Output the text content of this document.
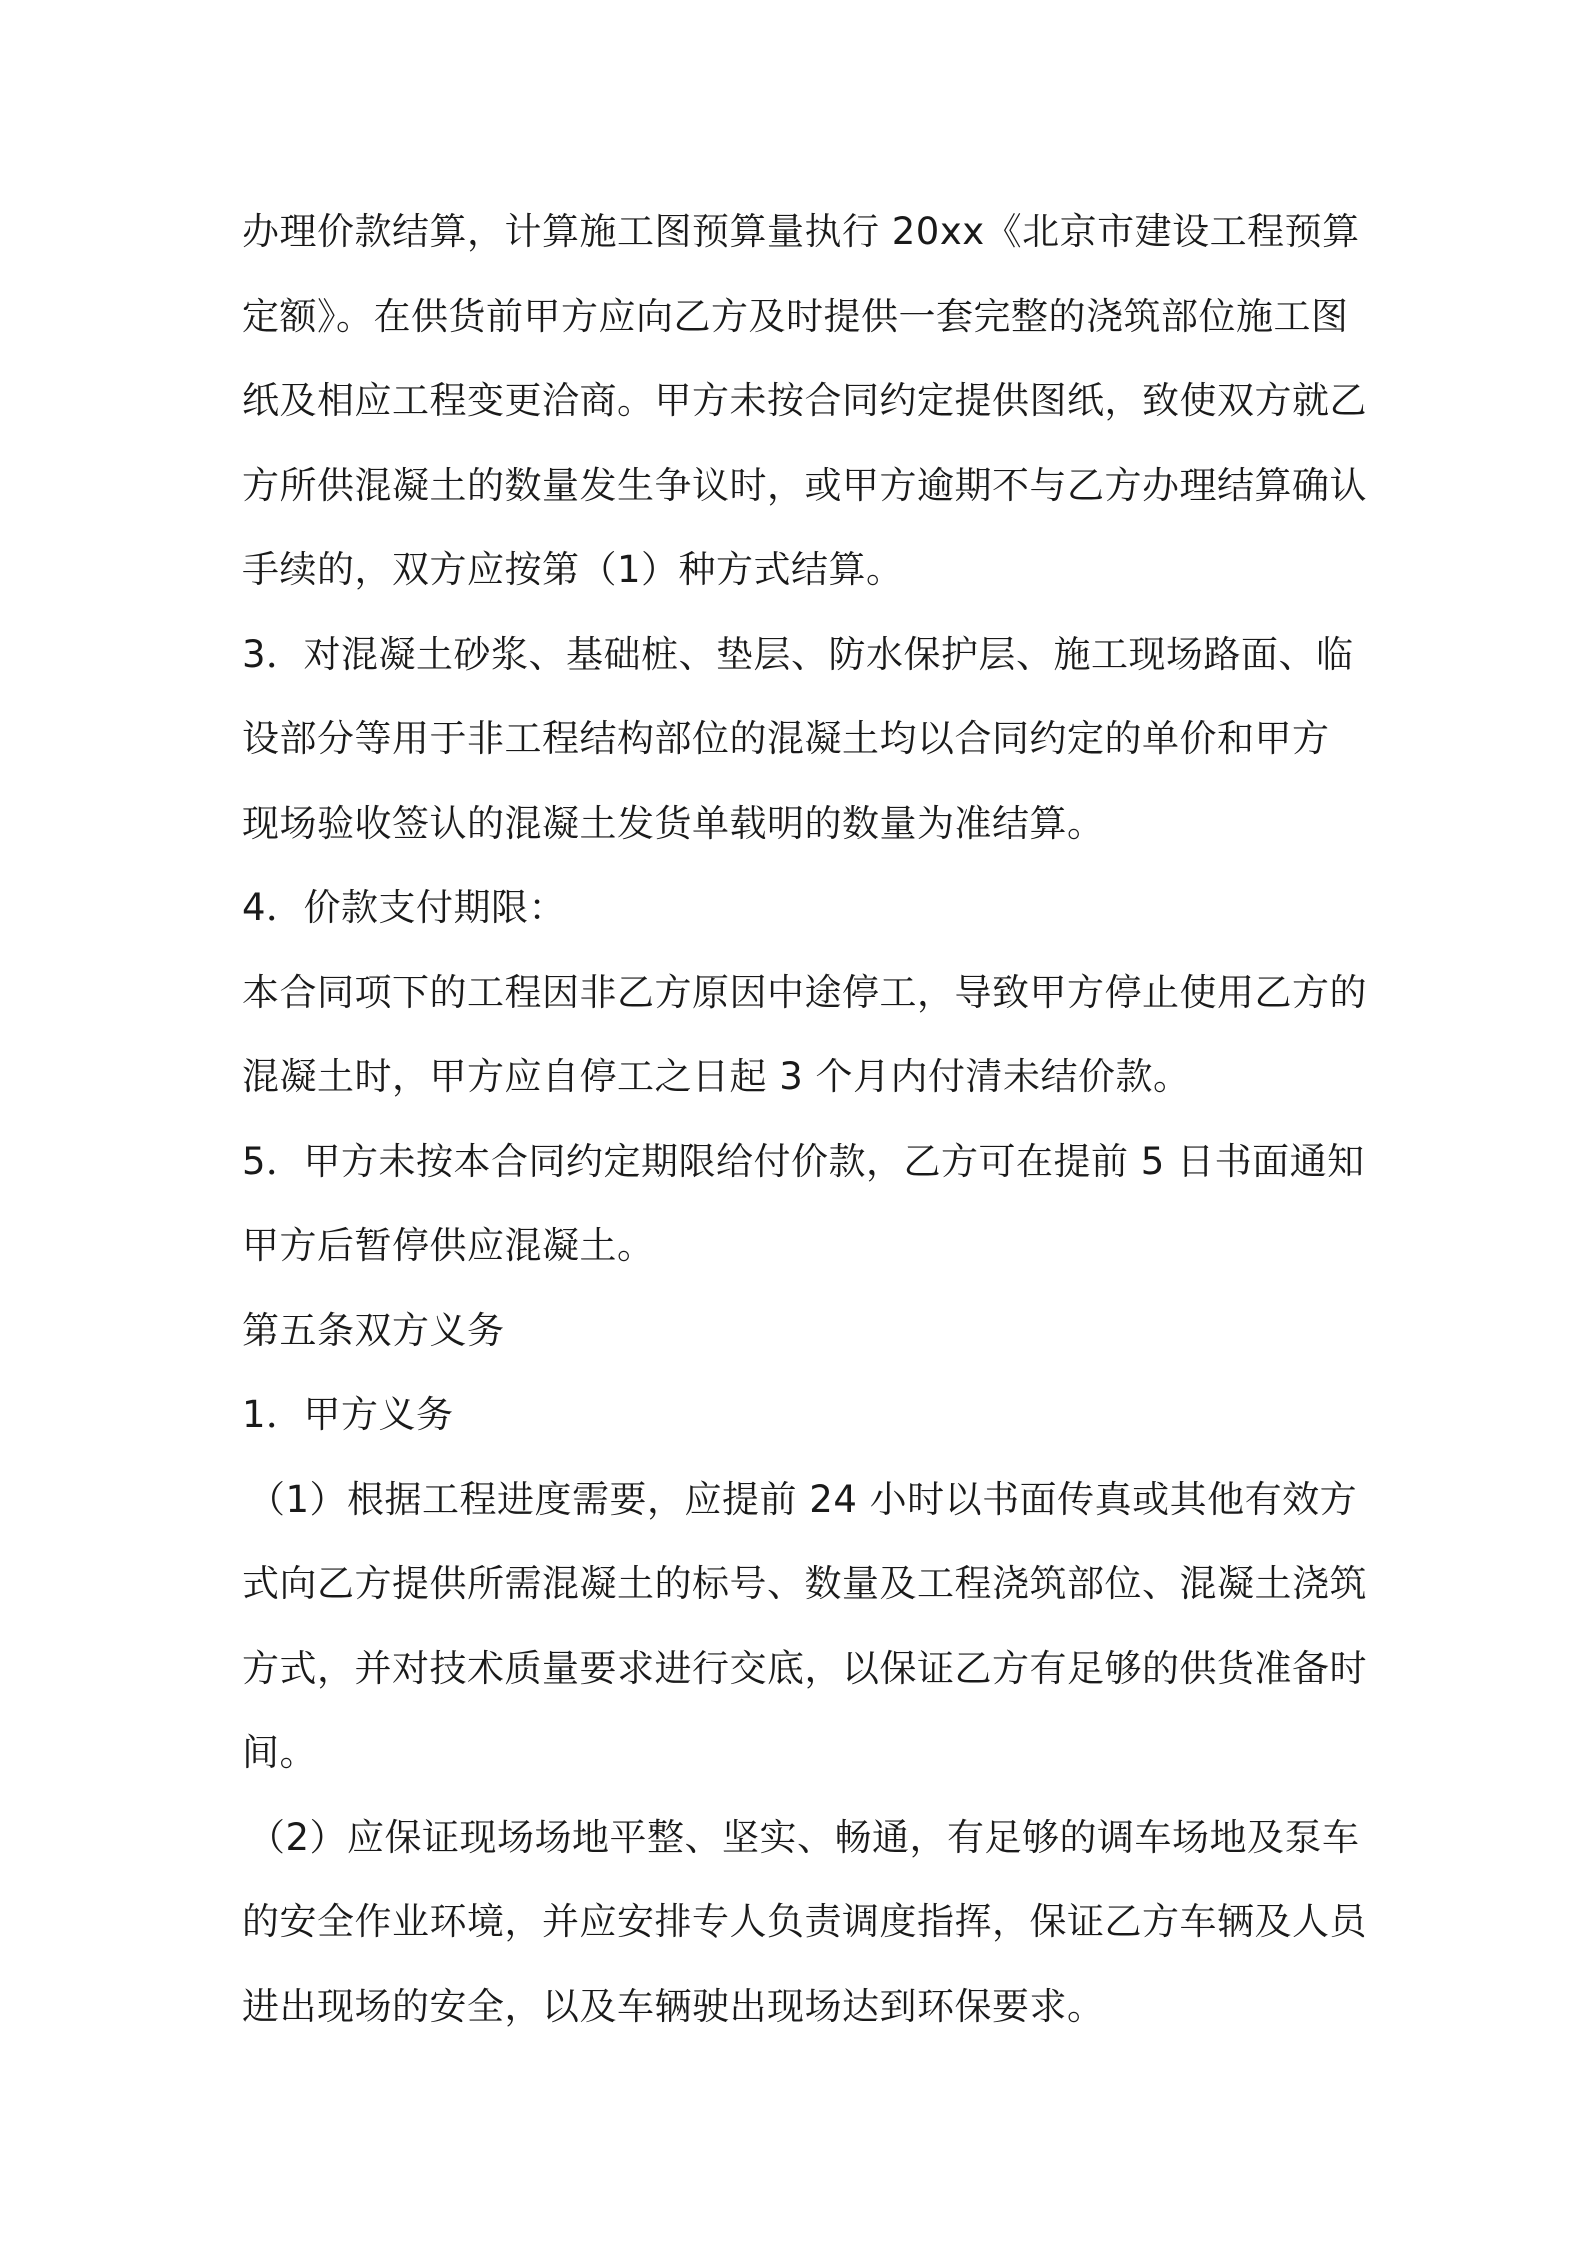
办理价款结算，计算施工图预算量执行 20xx《北京市建设工程预算
定额》。在供货前甲方应向乙方及时提供一套完整的浇筑部位施工图
纸及相应工程变更洽商。甲方未按合同约定提供图纸，致使双方就乙
方所供混凝土的数量发生争议时，或甲方逾期不与乙方办理结算确认
手续的，双方应按第（1）种方式结算。
3．对混凝土砂浆、基础桩、垫层、防水保护层、施工现场路面、临
设部分等用于非工程结构部位的混凝土均以合同约定的单价和甲方
现场验收签认的混凝土发货单载明的数量为准结算。
4．价款支付期限：
本合同项下的工程因非乙方原因中途停工，导致甲方停止使用乙方的
混凝土时，甲方应自停工之日起 3 个月内付清未结价款。
5．甲方未按本合同约定期限给付价款，乙方可在提前 5 日书面通知
甲方后暂停供应混凝土。
第五条双方义务
1．甲方义务
（1）根据工程进度需要，应提前 24 小时以书面传真或其他有效方
式向乙方提供所需混凝土的标号、数量及工程浇筑部位、混凝土浇筑
方式，并对技术质量要求进行交底，以保证乙方有足够的供货准备时
间。
（2）应保证现场场地平整、坚实、畅通，有足够的调车场地及泵车
的安全作业环境，并应安排专人负责调度指挥，保证乙方车辆及人员
进出现场的安全，以及车辆驶出现场达到环保要求。
